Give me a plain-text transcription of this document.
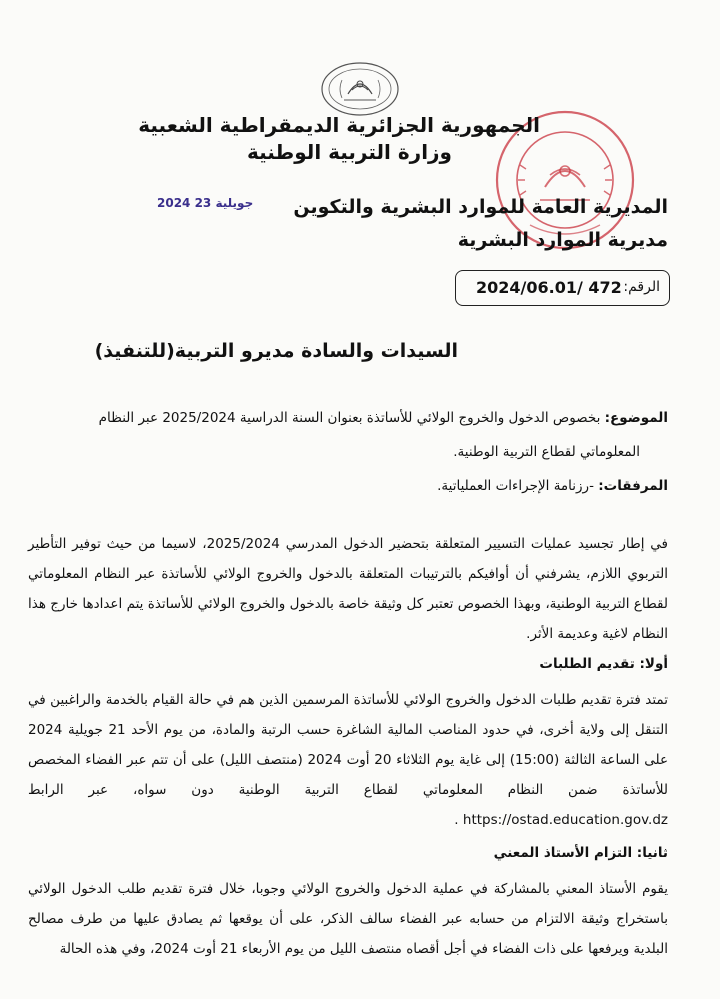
الجمهورية الجزائرية الديمقراطية الشعبية
وزارة التربية الوطنية
2024 جويلية 23 المديرية العامة للموارد البشرية والتكوين
مديرية الموارد البشرية
الرقم:
2024/06.01/ 472
السيدات والسادة مديرو التربية(للتنفيذ)
الموضوع: بخصوص الدخول والخروج الولائي للأساتذة بعنوان السنة الدراسية 2025/2024 عبر النظام
المعلوماتي لقطاع التربية الوطنية.
المرفقات: -رزنامة الإجراءات العملياتية.
في إطار تجسيد عمليات التسيير المتعلقة بتحضير الدخول المدرسي 2025/2024، لاسيما من حيث توفير التأطير التربوي اللازم، يشرفني أن أوافيكم بالترتيبات المتعلقة بالدخول والخروج الولائي للأساتذة عبر النظام المعلوماتي لقطاع التربية الوطنية، وبهذا الخصوص تعتبر كل وثيقة خاصة بالدخول والخروج الولائي للأساتذة يتم اعدادها خارج هذا النظام لاغية وعديمة الأثر.
أولا: تقديم الطلبات
تمتد فترة تقديم طلبات الدخول والخروج الولائي للأساتذة المرسمين الذين هم في حالة القيام بالخدمة والراغبين في التنقل إلى ولاية أخرى، في حدود المناصب المالية الشاغرة حسب الرتبة والمادة، من يوم الأحد 21 جويلية 2024 على الساعة الثالثة (15:00) إلى غاية يوم الثلاثاء 20 أوت 2024 (منتصف الليل) على أن تتم عبر الفضاء المخصص للأساتذة ضمن النظام المعلوماتي لقطاع التربية الوطنية دون سواه، عبر الرابط https://ostad.education.gov.dz .
ثانيا: التزام الأستاذ المعني
يقوم الأستاذ المعني بالمشاركة في عملية الدخول والخروج الولائي وجوبا، خلال فترة تقديم طلب الدخول الولائي باستخراج وثيقة الالتزام من حسابه عبر الفضاء سالف الذكر، على أن يوقعها ثم يصادق عليها من طرف مصالح البلدية ويرفعها على ذات الفضاء في أجل أقصاه منتصف الليل من يوم الأربعاء 21 أوت 2024، وفي هذه الحالة
